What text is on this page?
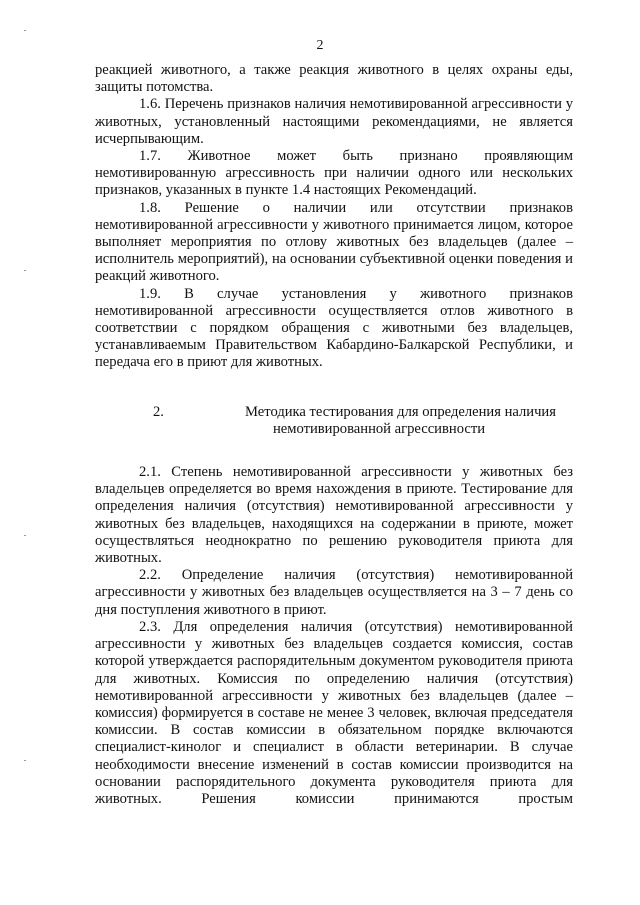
2

реакцией животного, а также реакция животного в целях охраны еды, защиты потомства.

1.6. Перечень признаков наличия немотивированной агрессивности у животных, установленный настоящими рекомендациями, не является исчерпывающим.

1.7. Животное может быть признано проявляющим немотивированную агрессивность при наличии одного или нескольких признаков, указанных в пункте 1.4 настоящих Рекомендаций.

1.8. Решение о наличии или отсутствии признаков немотивированной агрессивности у животного принимается лицом, которое выполняет мероприятия по отлову животных без владельцев (далее – исполнитель мероприятий), на основании субъективной оценки поведения и реакций животного.

1.9. В случае установления у животного признаков немотивированной агрессивности осуществляется отлов животного в соответствии с порядком обращения с животными без владельцев, устанавливаемым Правительством Кабардино-Балкарской Республики, и передача его в приют для животных.

2.	Методика тестирования для определения наличия
немотивированной агрессивности

2.1. Степень немотивированной агрессивности у животных без владельцев определяется во время нахождения в приюте. Тестирование для определения наличия (отсутствия) немотивированной агрессивности у животных без владельцев, находящихся на содержании в приюте, может осуществляться неоднократно по решению руководителя приюта для животных.

2.2. Определение наличия (отсутствия) немотивированной агрессивности у животных без владельцев осуществляется на 3 – 7 день со дня поступления животного в приют.

2.3. Для определения наличия (отсутствия) немотивированной агрессивности у животных без владельцев создается комиссия, состав которой утверждается распорядительным документом руководителя приюта для животных. Комиссия по определению наличия (отсутствия) немотивированной агрессивности у животных без владельцев (далее – комиссия) формируется в составе не менее 3 человек, включая председателя комиссии. В состав комиссии в обязательном порядке включаются специалист-кинолог и специалист в области ветеринарии. В случае необходимости внесение изменений в состав комиссии производится на основании распорядительного документа руководителя приюта для животных. Решения комиссии принимаются простым
